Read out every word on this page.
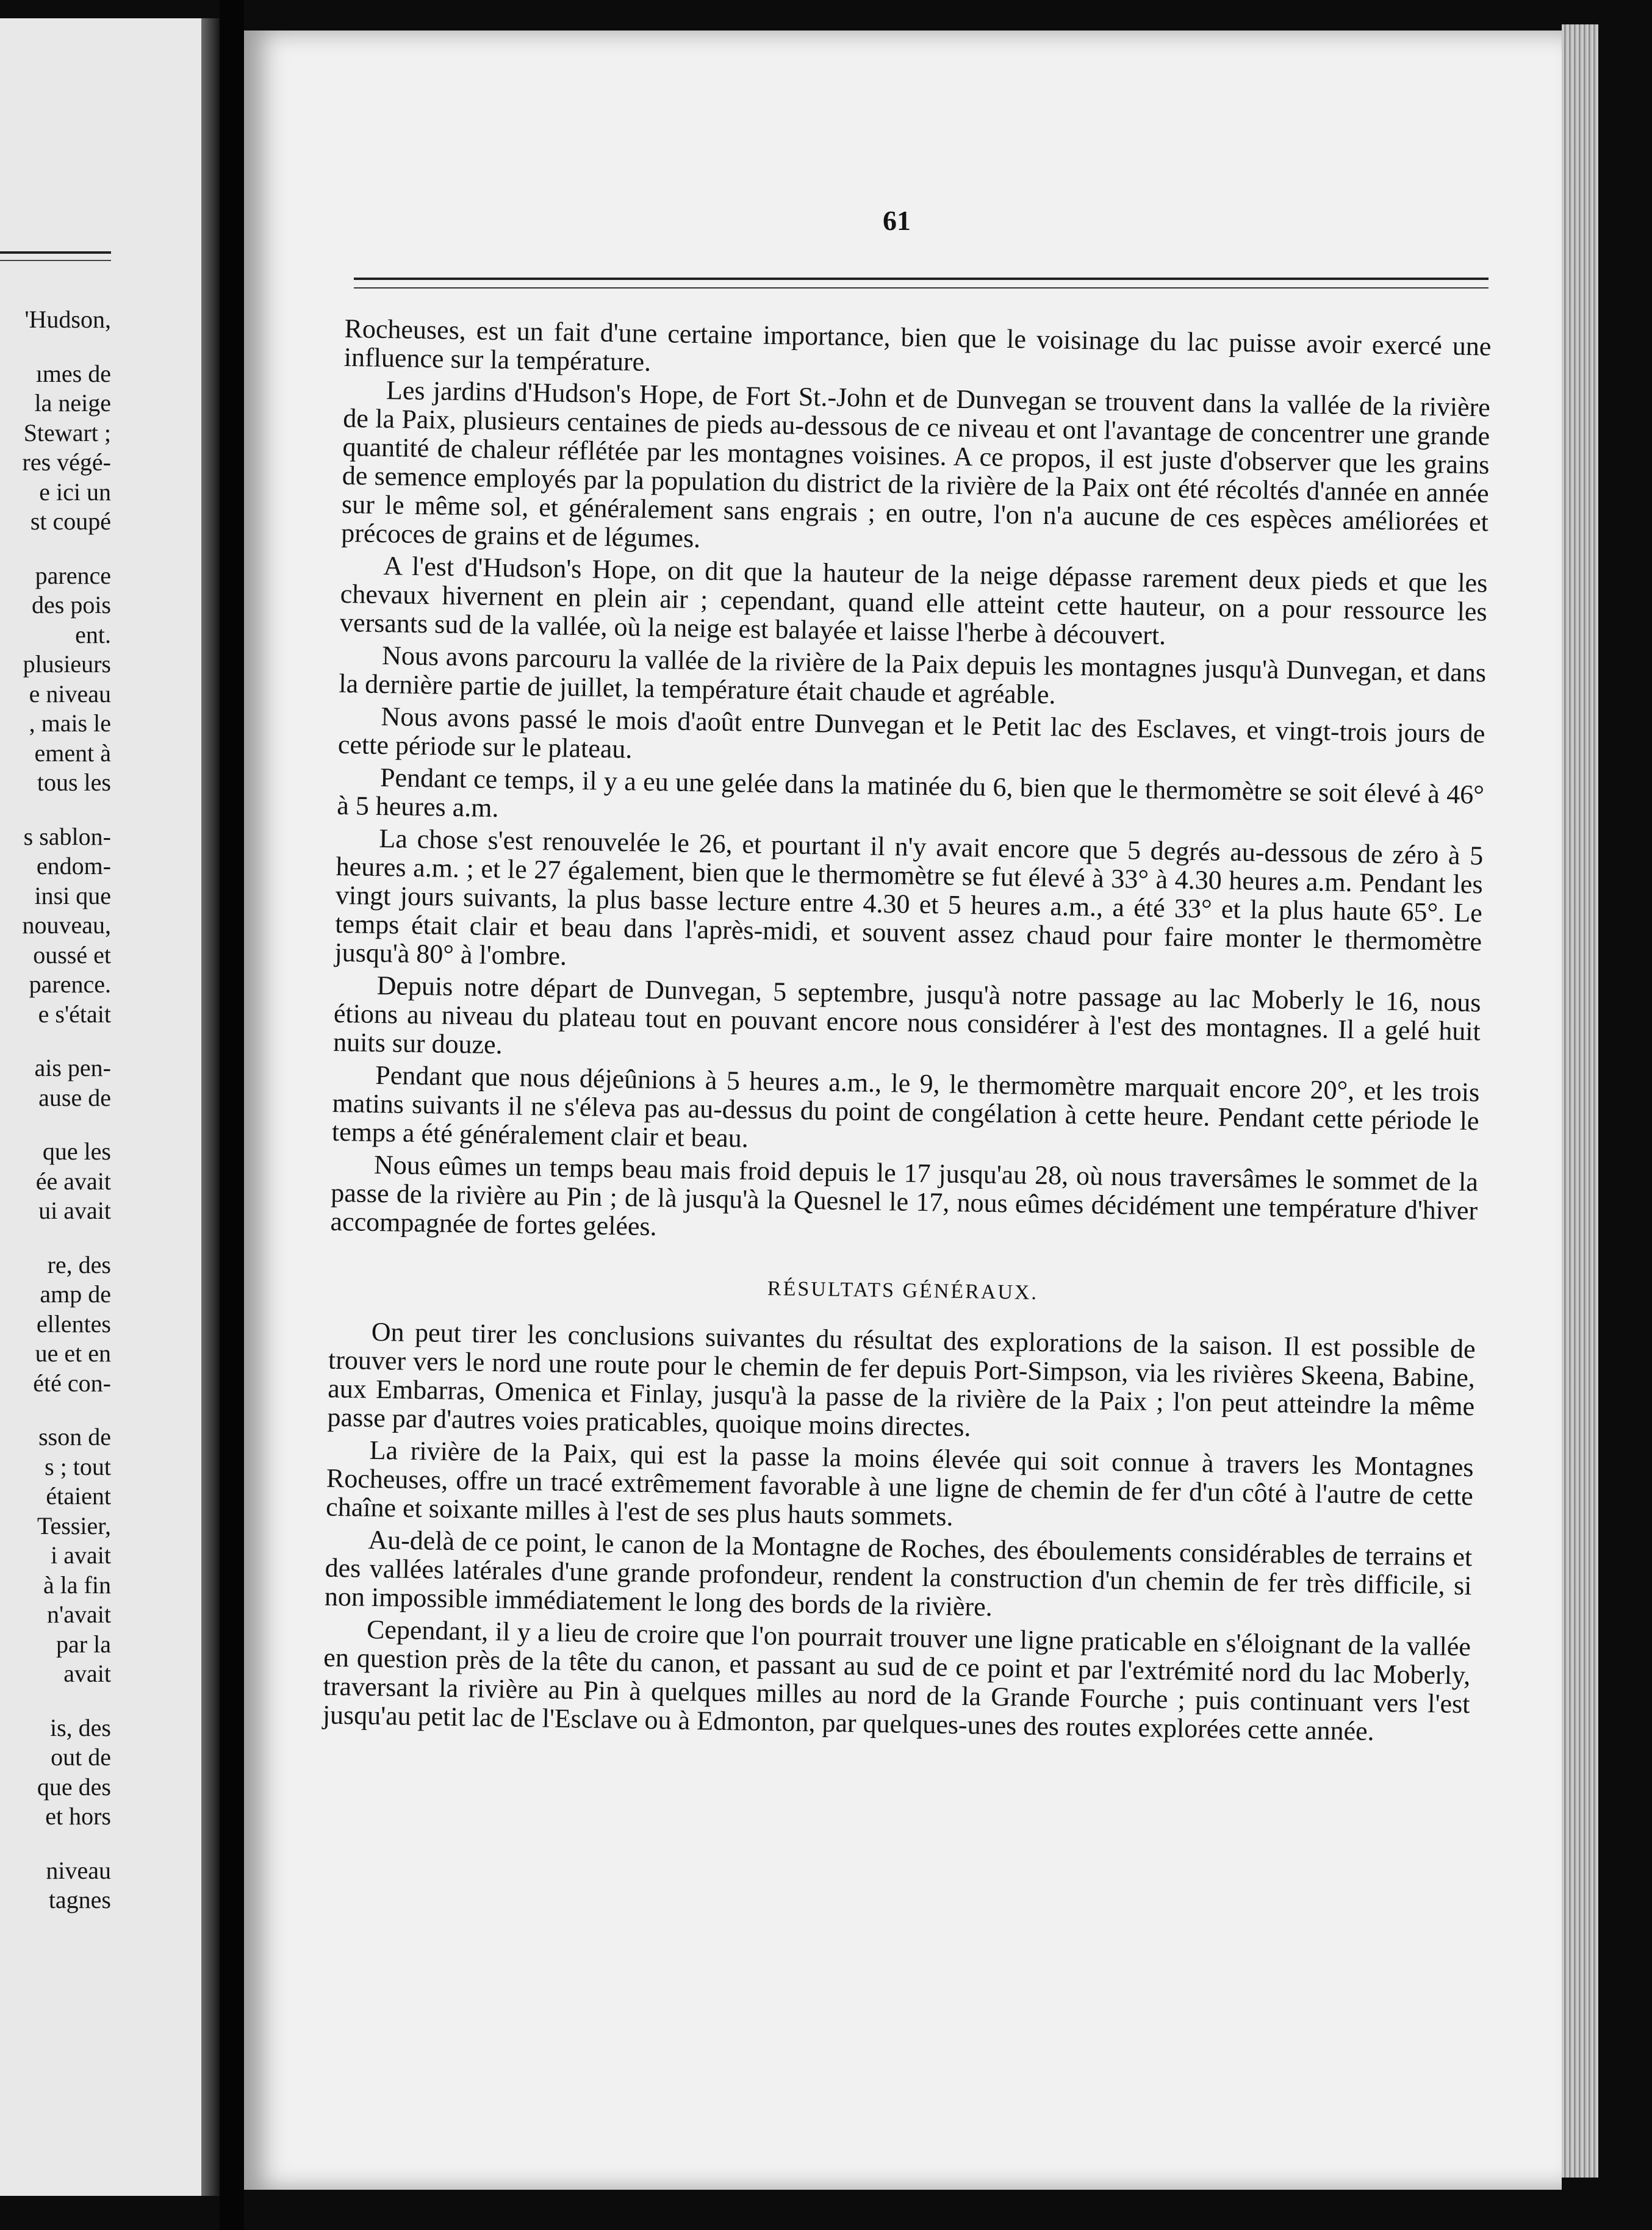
'Hudson,
ımes de
la neige
Stewart ;
res végé-
e ici un
st coupé
parence
des pois
ent.
plusieurs
e niveau
, mais le
ement à
tous les
s sablon-
endom-
insi que
nouveau,
oussé et
parence.
e s'était
ais pen-
ause de
que les
ée avait
ui avait
re, des
amp de
ellentes
ue et en
été con-
sson de
s ; tout
étaient
Tessier,
i avait
à la fin
n'avait
par la
avait
is, des
out de
que des
et hors
niveau
tagnes
61

Rocheuses, est un fait d'une certaine importance, bien que le voisinage du lac puisse avoir exercé une influence sur la température.

Les jardins d'Hudson's Hope, de Fort St.-John et de Dunvegan se trouvent dans la vallée de la rivière de la Paix, plusieurs centaines de pieds au-dessous de ce niveau et ont l'avantage de concentrer une grande quantité de chaleur réflétée par les montagnes voisines. A ce propos, il est juste d'observer que les grains de semence employés par la population du district de la rivière de la Paix ont été récoltés d'année en année sur le même sol, et généralement sans engrais ; en outre, l'on n'a aucune de ces espèces améliorées et précoces de grains et de légumes.

A l'est d'Hudson's Hope, on dit que la hauteur de la neige dépasse rarement deux pieds et que les chevaux hivernent en plein air ; cependant, quand elle atteint cette hauteur, on a pour ressource les versants sud de la vallée, où la neige est balayée et laisse l'herbe à découvert.

Nous avons parcouru la vallée de la rivière de la Paix depuis les montagnes jusqu'à Dunvegan, et dans la dernière partie de juillet, la température était chaude et agréable.

Nous avons passé le mois d'août entre Dunvegan et le Petit lac des Esclaves, et vingt-trois jours de cette période sur le plateau.

Pendant ce temps, il y a eu une gelée dans la matinée du 6, bien que le thermomètre se soit élevé à 46° à 5 heures a.m.

La chose s'est renouvelée le 26, et pourtant il n'y avait encore que 5 degrés au-dessous de zéro à 5 heures a.m. ; et le 27 également, bien que le thermomètre se fut élevé à 33° à 4.30 heures a.m. Pendant les vingt jours suivants, la plus basse lecture entre 4.30 et 5 heures a.m., a été 33° et la plus haute 65°. Le temps était clair et beau dans l'après-midi, et souvent assez chaud pour faire monter le thermomètre jusqu'à 80° à l'ombre.

Depuis notre départ de Dunvegan, 5 septembre, jusqu'à notre passage au lac Moberly le 16, nous étions au niveau du plateau tout en pouvant encore nous considérer à l'est des montagnes. Il a gelé huit nuits sur douze.

Pendant que nous déjeûnions à 5 heures a.m., le 9, le thermomètre marquait encore 20°, et les trois matins suivants il ne s'éleva pas au-dessus du point de congélation à cette heure. Pendant cette période le temps a été généralement clair et beau.

Nous eûmes un temps beau mais froid depuis le 17 jusqu'au 28, où nous traversâmes le sommet de la passe de la rivière au Pin ; de là jusqu'à la Quesnel le 17, nous eûmes décidément une température d'hiver accompagnée de fortes gelées.

RÉSULTATS GÉNÉRAUX.

On peut tirer les conclusions suivantes du résultat des explorations de la saison. Il est possible de trouver vers le nord une route pour le chemin de fer depuis Port-Simpson, via les rivières Skeena, Babine, aux Embarras, Omenica et Finlay, jusqu'à la passe de la rivière de la Paix ; l'on peut atteindre la même passe par d'autres voies praticables, quoique moins directes.

La rivière de la Paix, qui est la passe la moins élevée qui soit connue à travers les Montagnes Rocheuses, offre un tracé extrêmement favorable à une ligne de chemin de fer d'un côté à l'autre de cette chaîne et soixante milles à l'est de ses plus hauts sommets.

Au-delà de ce point, le canon de la Montagne de Roches, des éboulements considérables de terrains et des vallées latérales d'une grande profondeur, rendent la construction d'un chemin de fer très difficile, si non impossible immédiatement le long des bords de la rivière.

Cependant, il y a lieu de croire que l'on pourrait trouver une ligne praticable en s'éloignant de la vallée en question près de la tête du canon, et passant au sud de ce point et par l'extrémité nord du lac Moberly, traversant la rivière au Pin à quelques milles au nord de la Grande Fourche ; puis continuant vers l'est jusqu'au petit lac de l'Esclave ou à Edmonton, par quelques-unes des routes explorées cette année.
